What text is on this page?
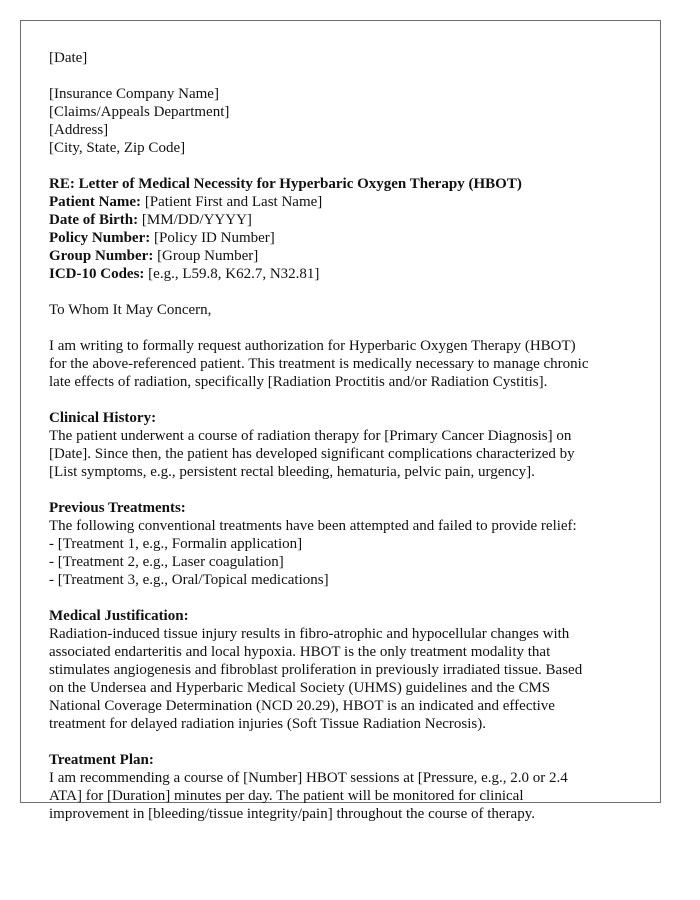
[Date]
[Insurance Company Name]
[Claims/Appeals Department]
[Address]
[City, State, Zip Code]
RE: Letter of Medical Necessity for Hyperbaric Oxygen Therapy (HBOT)
Patient Name: [Patient First and Last Name]
Date of Birth: [MM/DD/YYYY]
Policy Number: [Policy ID Number]
Group Number: [Group Number]
ICD-10 Codes: [e.g., L59.8, K62.7, N32.81]
To Whom It May Concern,
I am writing to formally request authorization for Hyperbaric Oxygen Therapy (HBOT)
for the above-referenced patient. This treatment is medically necessary to manage chronic
late effects of radiation, specifically [Radiation Proctitis and/or Radiation Cystitis].
Clinical History:
The patient underwent a course of radiation therapy for [Primary Cancer Diagnosis] on
[Date]. Since then, the patient has developed significant complications characterized by
[List symptoms, e.g., persistent rectal bleeding, hematuria, pelvic pain, urgency].
Previous Treatments:
The following conventional treatments have been attempted and failed to provide relief:
- [Treatment 1, e.g., Formalin application]
- [Treatment 2, e.g., Laser coagulation]
- [Treatment 3, e.g., Oral/Topical medications]
Medical Justification:
Radiation-induced tissue injury results in fibro-atrophic and hypocellular changes with
associated endarteritis and local hypoxia. HBOT is the only treatment modality that
stimulates angiogenesis and fibroblast proliferation in previously irradiated tissue. Based
on the Undersea and Hyperbaric Medical Society (UHMS) guidelines and the CMS
National Coverage Determination (NCD 20.29), HBOT is an indicated and effective
treatment for delayed radiation injuries (Soft Tissue Radiation Necrosis).
Treatment Plan:
I am recommending a course of [Number] HBOT sessions at [Pressure, e.g., 2.0 or 2.4
ATA] for [Duration] minutes per day. The patient will be monitored for clinical
improvement in [bleeding/tissue integrity/pain] throughout the course of therapy.
